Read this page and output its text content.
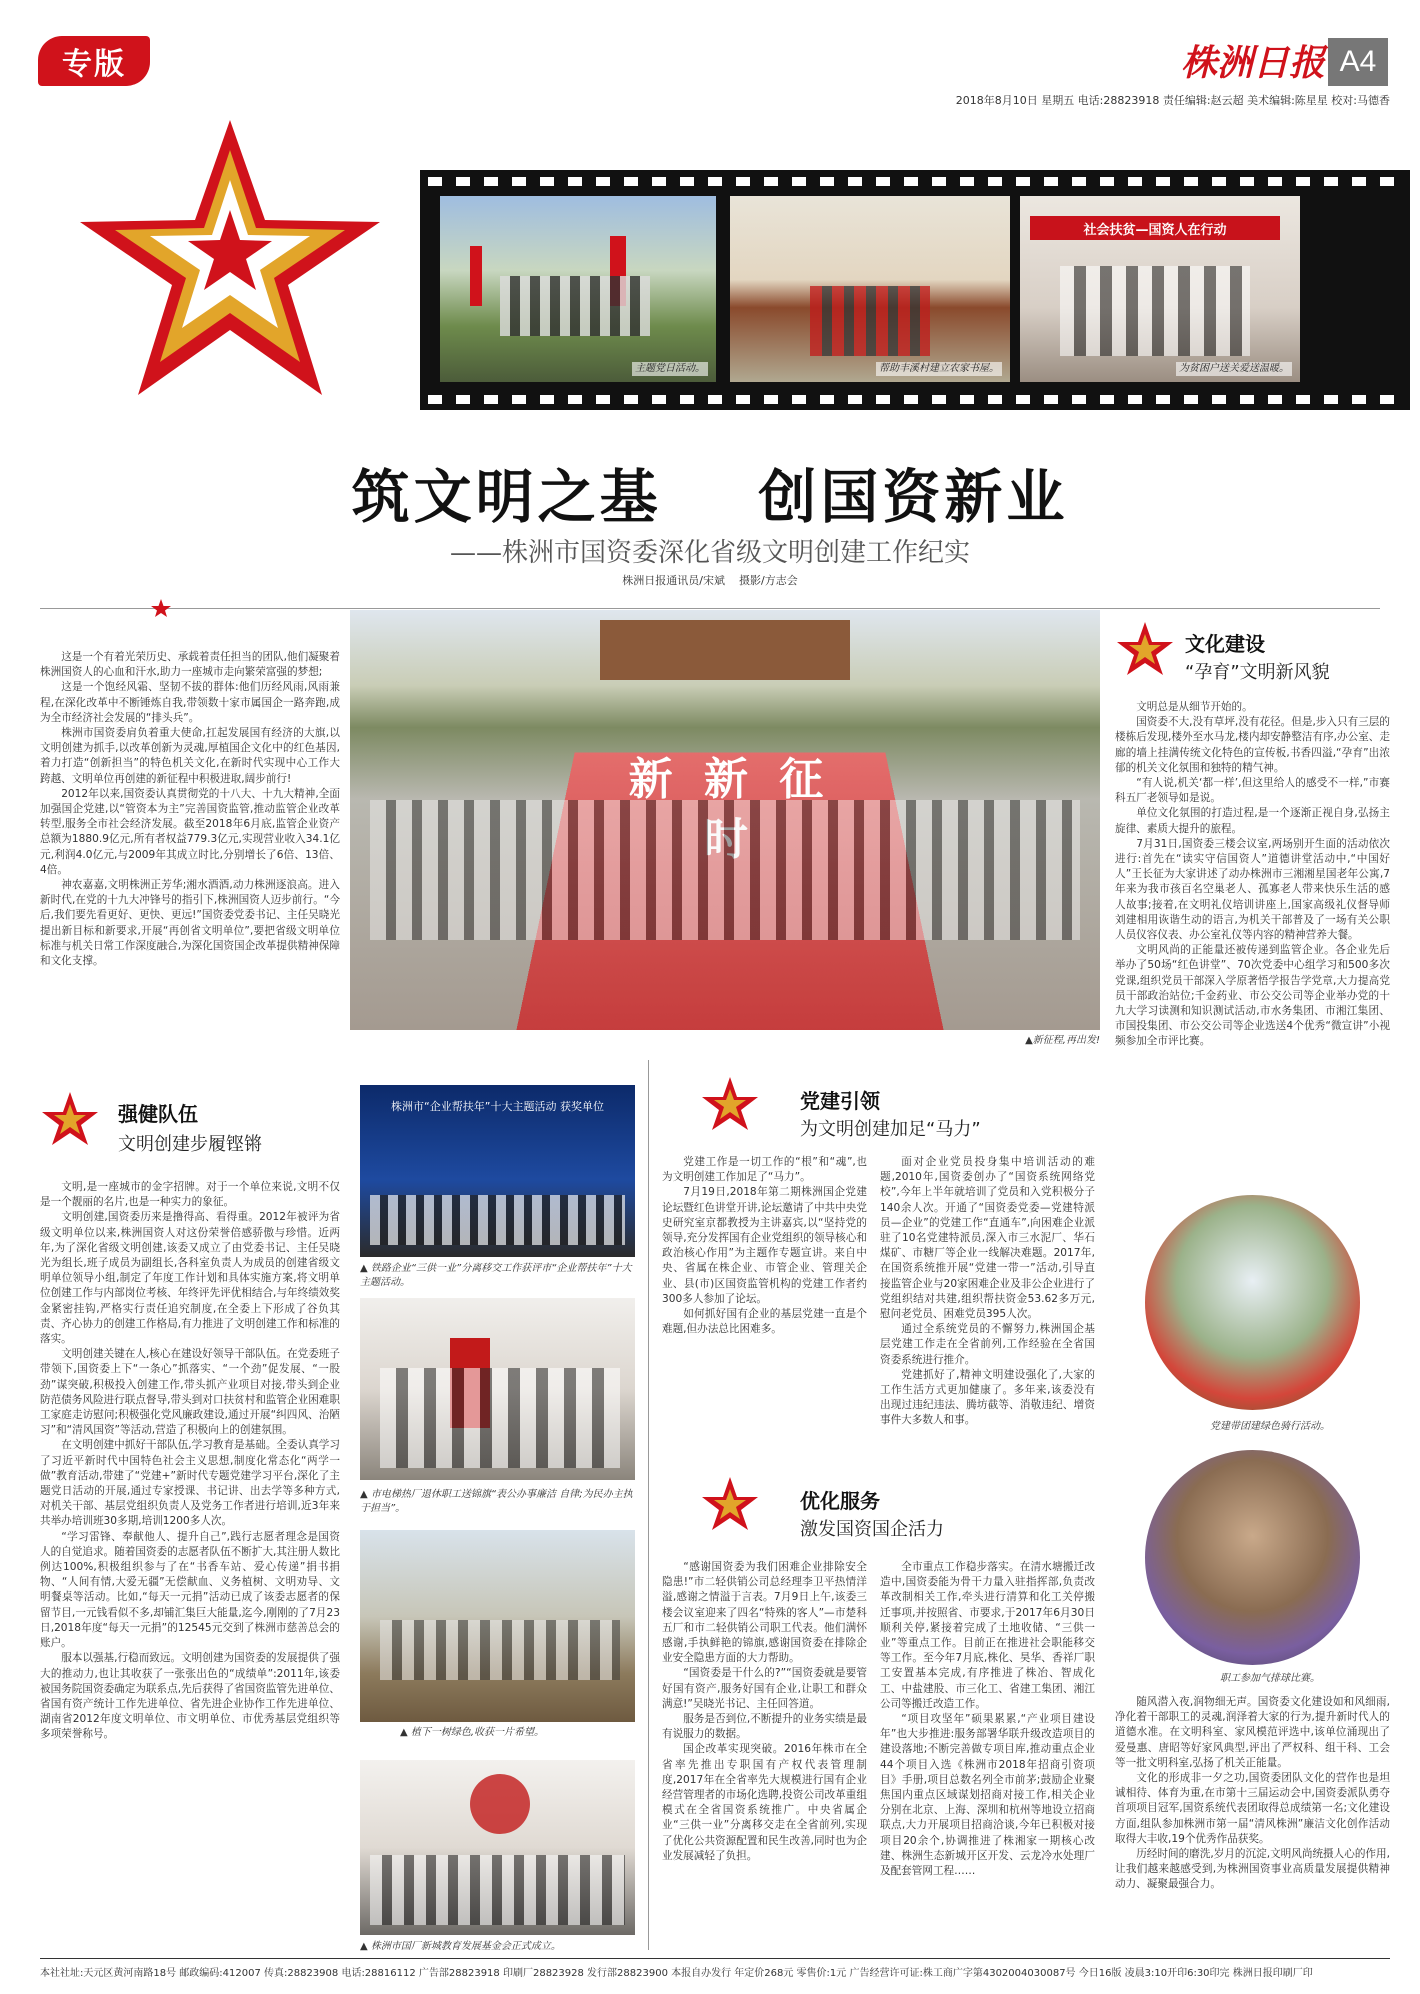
专版	株洲日报 A4
2018年8月10日 星期五 电话:28823918 责任编辑:赵云超 美术编辑:陈星星 校对:马德香
主题党日活动。	帮助丰溪村建立农家书屋。
社会扶贫—国资人在行动
为贫困户送关爱送温暖。
筑文明之基    创国资新业
——株洲市国资委深化省级文明创建工作纪实
株洲日报通讯员/宋斌    摄影/方志会

这是一个有着光荣历史、承载着责任担当的团队,他们凝聚着株洲国资人的心血和汗水,助力一座城市走向繁荣富强的梦想;

这是一个饱经风霜、坚韧不拔的群体:他们历经风雨,风雨兼程,在深化改革中不断锤炼自我,带领数十家市属国企一路奔跑,成为全市经济社会发展的“排头兵”。

株洲市国资委肩负着重大使命,扛起发展国有经济的大旗,以文明创建为抓手,以改革创新为灵魂,厚植国企文化中的红色基因,着力打造“创新担当”的特色机关文化,在新时代实现中心工作大跨越、文明单位再创建的新征程中积极进取,阔步前行!

2012年以来,国资委认真贯彻党的十八大、十九大精神,全面加强国企党建,以“管资本为主”完善国资监管,推动监管企业改革转型,服务全市社会经济发展。截至2018年6月底,监管企业资产总额为1880.9亿元,所有者权益779.3亿元,实现营业收入34.1亿元,利润4.0亿元,与2009年其成立时比,分别增长了6倍、13倍、4倍。

神农嘉嘉,文明株洲正芳华;湘水酒酒,动力株洲逐浪高。进入新时代,在党的十九大冲锋号的指引下,株洲国资人迈步前行。“今后,我们要先看更好、更快、更远!”国资委党委书记、主任吴晓光提出新目标和新要求,开展“再创省文明单位”,要把省级文明单位标准与机关日常工作深度融合,为深化国资国企改革提供精神保障和文化支撑。

新 新 征 时
▲新征程,再出发!
文化建设
“孕育”文明新风貌

文明总是从细节开始的。

国资委不大,没有草坪,没有花径。但是,步入只有三层的楼栋后发现,楼外至水马龙,楼内却安静整洁有序,办公室、走廊的墙上挂满传统文化特色的宣传板,书香四溢,“孕育”出浓郁的机关文化氛围和独特的精气神。

“有人说,机关‘都一样’,但这里给人的感受不一样,”市赛科五厂老领导如是说。

单位文化氛围的打造过程,是一个逐渐正视自身,弘扬主旋律、素质大提升的旅程。

7月31日,国资委三楼会议室,两场别开生面的活动依次进行:首先在“读实守信国资人”道德讲堂活动中,“中国好人”王长征为大家讲述了动办株洲市三湘湘星国老年公寓,7年来为我市孩百名空巢老人、孤寡老人带来快乐生活的感人故事;接着,在文明礼仪培训讲座上,国家高级礼仪督导师刘建相用诙谐生动的语言,为机关干部普及了一场有关公职人员仪容仪表、办公室礼仪等内容的精神营养大餐。

文明风尚的正能量还被传递到监管企业。各企业先后举办了50场“红色讲堂”、70次党委中心组学习和500多次党课,组织党员干部深入学原著悟学报告学党章,大力提高党员干部政治站位;千金药业、市公交公司等企业举办党的十九大学习读测和知识测试活动,市水务集团、市湘江集团、市国投集团、市公交公司等企业选送4个优秀“微宣讲”小视频参加全市评比赛。

党建带团建绿色骑行活动。
职工参加气排球比赛。

随风潜入夜,润物细无声。国资委文化建设如和风细雨,净化着干部职工的灵魂,润泽着大家的行为,提升新时代人的道德水准。在文明科室、家风模范评选中,该单位涌现出了爱曼惠、唐昭等好家风典型,评出了严权科、组干科、工会等一批文明科室,弘扬了机关正能量。

文化的形成非一夕之功,国资委团队文化的营作也是坦诚相待、体育为重,在市第十三届运动会中,国资委派队勇夺首项项目冠军,国资系统代表团取得总成绩第一名;文化建设方面,组队参加株洲市第一届“清风株洲”廉洁文化创作活动取得大丰收,19个优秀作品获奖。

历经时间的磨洗,岁月的沉淀,文明风尚统摄人心的作用,让我们越来越感受到,为株洲国资事业高质量发展提供精神动力、凝聚最强合力。

强健队伍
文明创建步履铿锵

文明,是一座城市的金字招牌。对于一个单位来说,文明不仅是一个靓丽的名片,也是一种实力的象征。

文明创建,国资委历来是撸得高、看得重。2012年被评为省级文明单位以来,株洲国资人对这份荣誉倍感骄傲与珍惜。近两年,为了深化省级文明创建,该委又成立了由党委书记、主任吴晓光为组长,班子成员为副组长,各科室负责人为成员的创建省级文明单位领导小组,制定了年度工作计划和具体实施方案,将文明单位创建工作与内部岗位考核、年终评先评优相结合,与年终绩效奖金紧密挂钩,严格实行责任追究制度,在全委上下形成了谷负其责、齐心协力的创建工作格局,有力推进了文明创建工作和标准的落实。

文明创建关键在人,核心在建设好领导干部队伍。在党委班子带领下,国资委上下“一条心”抓落实、“一个劲”促发展、“一股劲”谋突破,积极投入创建工作,带头抓产业项目对接,带头到企业防范债务风险进行联点督导,带头到对口扶贫村和监管企业困难职工家庭走访慰问;积极强化党风廉政建设,通过开展“纠四风、治陋习”和“清风国资”等活动,营造了积极向上的创建氛围。

在文明创建中抓好干部队伍,学习教育是基础。全委认真学习了习近平新时代中国特色社会主义思想,制度化常态化“两学一做”教育活动,带建了“党建+”新时代专题党建学习平台,深化了主题党日活动的开展,通过专家授课、书记讲、出去学等多种方式,对机关干部、基层党组织负责人及党务工作者进行培训,近3年来共举办培训班30多期,培训1200多人次。

“学习雷锋、奉献他人、提升自己”,践行志愿者理念是国资人的自觉追求。随着国资委的志愿者队伍不断扩大,其注册人数比例达100%,积极组织参与了在“书香车站、爱心传递”捐书捐物、“人间有情,大爱无疆”无偿献血、义务植树、文明劝导、文明餐桌等活动。比如,“每天一元捐”活动已成了该委志愿者的保留节目,一元钱看似不多,却铺汇集巨大能量,迄今,刚刚的了7月23日,2018年度“每天一元捐”的12545元交到了株洲市慈善总会的账户。

服本以强基,行稳而致远。文明创建为国资委的发展提供了强大的推动力,也让其收获了一张张出色的“成绩单”:2011年,该委被国务院国资委确定为联系点,先后获得了省国资监管先进单位、省国有资产统计工作先进单位、省先进企业协作工作先进单位、湖南省2012年度文明单位、市文明单位、市优秀基层党组织等多项荣誉称号。

株洲市“企业帮扶年”十大主题活动 获奖单位
▲ 铁路企业“三供一业”分离移交工作获评市“企业帮扶年”十大主题活动。
▲ 市电梯热厂退休职工送锦旗“表公办事廉洁 自律;为民办主执于担当”。
▲ 植下一树绿色,收获一片希望。
▲ 株洲市国厂新城教育发展基金会正式成立。
党建引领
为文明创建加足“马力”

党建工作是一切工作的“根”和“魂”,也为文明创建工作加足了“马力”。

7月19日,2018年第二期株洲国企党建论坛暨红色讲堂开讲,论坛邀请了中共中央党史研究室京都教授为主讲嘉宾,以“坚持党的领导,充分发挥国有企业党组织的领导核心和政治核心作用”为主题作专题宣讲。来自中央、省属在株企业、市管企业、管理关企业、县(市)区国资监管机构的党建工作者约300多人参加了论坛。

如何抓好国有企业的基层党建一直是个难题,但办法总比困难多。

面对企业党员投身集中培训活动的难题,2010年,国资委创办了“国资系统网络党校”,今年上半年就培训了党员和入党积极分子140余人次。开通了“国资委党委—党建特派员—企业”的党建工作“直通车”,向困难企业派驻了10名党建特派员,深入市三水泥厂、华石煤矿、市糖厂等企业一线解决难题。2017年,在国资系统推开展“党建一带一”活动,引导直接监管企业与20家困难企业及非公企业进行了党组织结对共建,组织帮扶资金53.62多万元,慰问老党员、困难党员395人次。

通过全系统党员的不懈努力,株洲国企基层党建工作走在全省前列,工作经验在全省国资委系统进行推介。

党建抓好了,精神文明建设强化了,大家的工作生活方式更加健康了。多年来,该委没有出现过违纪违法、腾坊截等、消敬违纪、增资事件大多数人和事。

优化服务
激发国资国企活力

“感谢国资委为我们困难企业排除安全隐患!”市二轻供销公司总经理李卫平热情洋溢,感谢之情溢于言表。7月9日上午,该委三楼会议室迎来了四名“特殊的客人”—市楚科五厂和市二轻供销公司职工代表。他们满怀感谢,手执鲜艳的锦旗,感谢国资委在排除企业安全隐患方面的大力帮助。

“国资委是干什么的?”“国资委就是要管好国有资产,服务好国有企业,让职工和群众满意!”吴晓光书记、主任回答道。

服务是否到位,不断提升的业务实绩是最有说服力的数据。

国企改革实现突破。2016年株市在全省率先推出专职国有产权代表管理制度,2017年在全省率先大规模进行国有企业经营管理者的市场化选聘,投资公司改革重组模式在全省国资系统推广。中央省属企业“三供一业”分离移交走在全省前列,实现了优化公共资源配置和民生改善,同时也为企业发展减轻了负担。

全市重点工作稳步落实。在清水塘搬迁改造中,国资委能为骨干力量入驻指挥部,负责改革改制相关工作,牵头进行清算和化工关停搬迁事项,并按照省、市要求,于2017年6月30日顺利关停,紧接着完成了土地收储、“三供一业”等重点工作。目前正在推进社会职能移交等工作。至今年7月底,株化、昊华、香祥厂职工安置基本完成,有序推进了株冶、智成化工、中盐建股、市三化工、省建工集团、湘江公司等搬迁改造工作。

“项目攻坚年”硕果累累,“产业项目建设年”也大步推进:服务部署华联升级改造项目的建设落地;不断完善做专项目库,推动重点企业44个项目入选《株洲市2018年招商引资项目》手册,项目总数名列全市前茅;鼓励企业聚焦国内重点区域谋划招商对接工作,相关企业分别在北京、上海、深圳和杭州等地设立招商联点,大力开展项目招商洽谈,今年已积极对接项目20余个,协调推进了株湘家一期核心改建、株洲生态新城开区开发、云龙冷水处理厂及配套管网工程……

本社社址:天元区黄河南路18号 邮政编码:412007 传真:28823908 电话:28816112 广告部28823918 印刷厂28823928 发行部28823900 本报自办发行 年定价268元 零售价:1元 广告经营许可证:株工商广字第4302004030087号 今日16版 凌晨3:10开印6:30印完 株洲日报印刷厂印
